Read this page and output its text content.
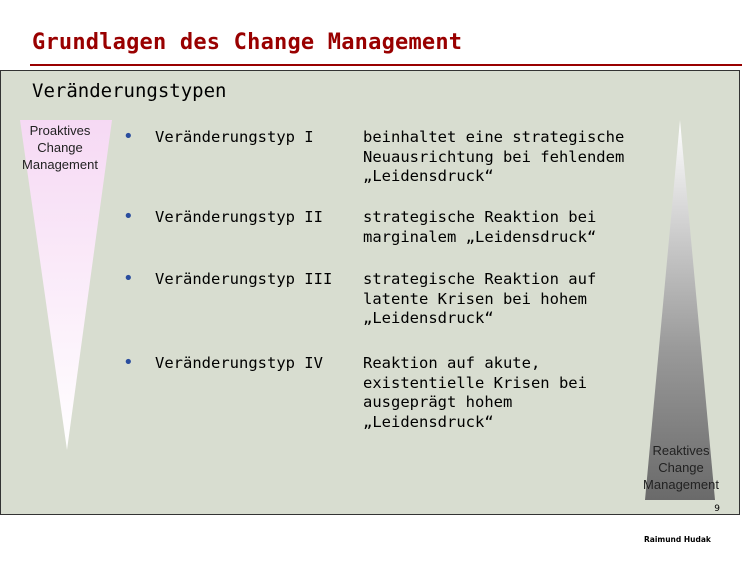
Grundlagen des Change Management
Veränderungstypen
Proaktives
Change
Management
Reaktives
Change
Management
Veränderungstyp I	beinhaltet eine strategische
Neuausrichtung bei fehlendem
„Leidensdruck“
Veränderungstyp II	strategische Reaktion bei
marginalem „Leidensdruck“
Veränderungstyp III strategische Reaktion auf
latente Krisen bei hohem
„Leidensdruck“
Veränderungstyp IV	Reaktion auf akute,
existentielle Krisen bei
ausgeprägt hohem
„Leidensdruck“
9
Raimund Hudak
